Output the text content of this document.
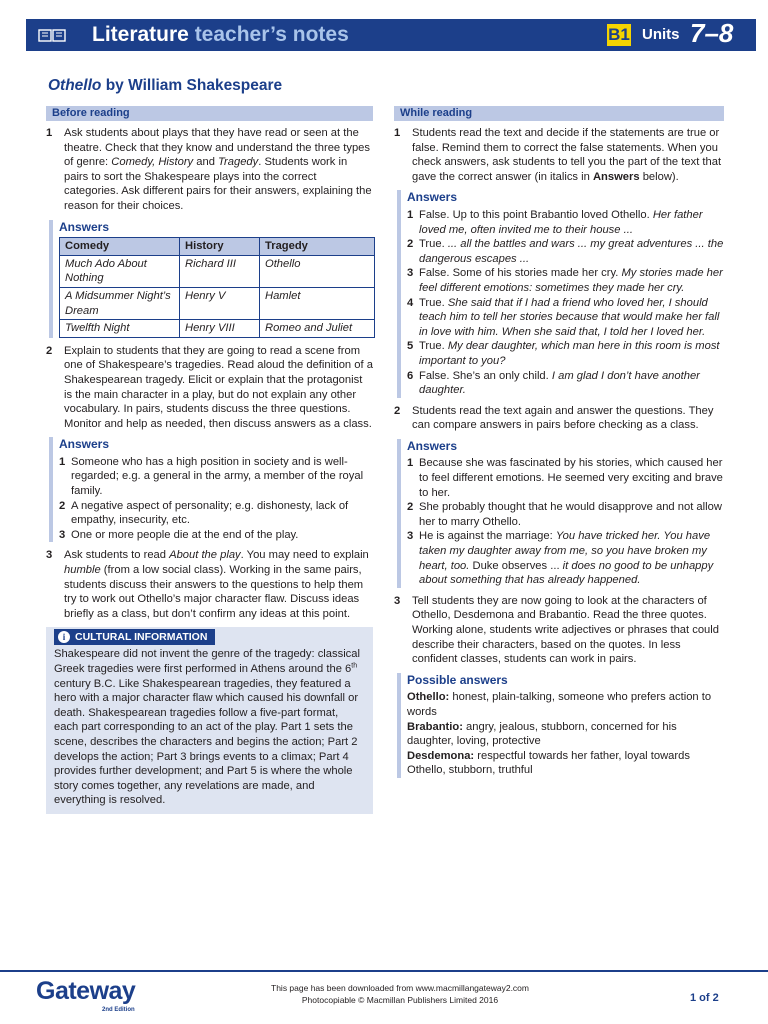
Literature teacher’s notes	B1 Units 7–8
Othello by William Shakespeare
Before reading
1	Ask students about plays that they have read or seen at the theatre. Check that they know and understand the three types of genre: Comedy, History and Tragedy. Students work in pairs to sort the Shakespeare plays into the correct categories. Ask different pairs for their answers, explaining the reason for their choices.
Answers
Comedy	History	Tragedy
Much Ado About Nothing	Richard III	Othello
A Midsummer Night’s Dream	Henry V	Hamlet
Twelfth Night	Henry VIII	Romeo and Juliet
2	Explain to students that they are going to read a scene from one of Shakespeare’s tragedies. Read aloud the definition of a Shakespearean tragedy. Elicit or explain that the protagonist is the main character in a play, but do not explain any other vocabulary. In pairs, students discuss the three questions. Monitor and help as needed, then discuss answers as a class.
Answers
1 Someone who has a high position in society and is well-regarded; e.g. a general in the army, a member of the royal family.
2 A negative aspect of personality; e.g. dishonesty, lack of empathy, insecurity, etc.
3 One or more people die at the end of the play.
3	Ask students to read About the play. You may need to explain humble (from a low social class). Working in the same pairs, students discuss their answers to the questions to help them try to work out Othello’s major character flaw. Discuss ideas briefly as a class, but don’t confirm any ideas at this point.
i CULTURAL INFORMATION
Shakespeare did not invent the genre of the tragedy: classical Greek tragedies were first performed in Athens around the 6th century B.C. Like Shakespearean tragedies, they featured a hero with a major character flaw which caused his downfall or death. Shakespearean tragedies follow a five-part format, each part corresponding to an act of the play. Part 1 sets the scene, describes the characters and begins the action; Part 2 develops the action; Part 3 brings events to a climax; Part 4 provides further development; and Part 5 is where the whole story comes together, any revelations are made, and everything is resolved.
While reading
1	Students read the text and decide if the statements are true or false. Remind them to correct the false statements. When you check answers, ask students to tell you the part of the text that gave the correct answer (in italics in Answers below).
Answers
1 False. Up to this point Brabantio loved Othello. Her father loved me, often invited me to their house ...
2 True. ... all the battles and wars ... my great adventures ... the dangerous escapes ...
3 False. Some of his stories made her cry. My stories made her feel different emotions: sometimes they made her cry.
4 True. She said that if I had a friend who loved her, I should teach him to tell her stories because that would make her fall in love with him. When she said that, I told her I loved her.
5 True. My dear daughter, which man here in this room is most important to you?
6 False. She’s an only child. I am glad I don’t have another daughter.
2	Students read the text again and answer the questions. They can compare answers in pairs before checking as a class.
Answers
1 Because she was fascinated by his stories, which caused her to feel different emotions. He seemed very exciting and brave to her.
2 She probably thought that he would disapprove and not allow her to marry Othello.
3 He is against the marriage: You have tricked her. You have taken my daughter away from me, so you have broken my heart, too. Duke observes ... it does no good to be unhappy about something that has already happened.
3	Tell students they are now going to look at the characters of Othello, Desdemona and Brabantio. Read the three quotes. Working alone, students write adjectives or phrases that could describe their characters, based on the quotes. In less confident classes, students can work in pairs.
Possible answers
Othello: honest, plain-talking, someone who prefers action to words
Brabantio: angry, jealous, stubborn, concerned for his daughter, loving, protective
Desdemona: respectful towards her father, loyal towards Othello, stubborn, truthful
Gateway
2nd Edition
This page has been downloaded from www.macmillangateway2.com
Photocopiable © Macmillan Publishers Limited 2016	1 of 2
